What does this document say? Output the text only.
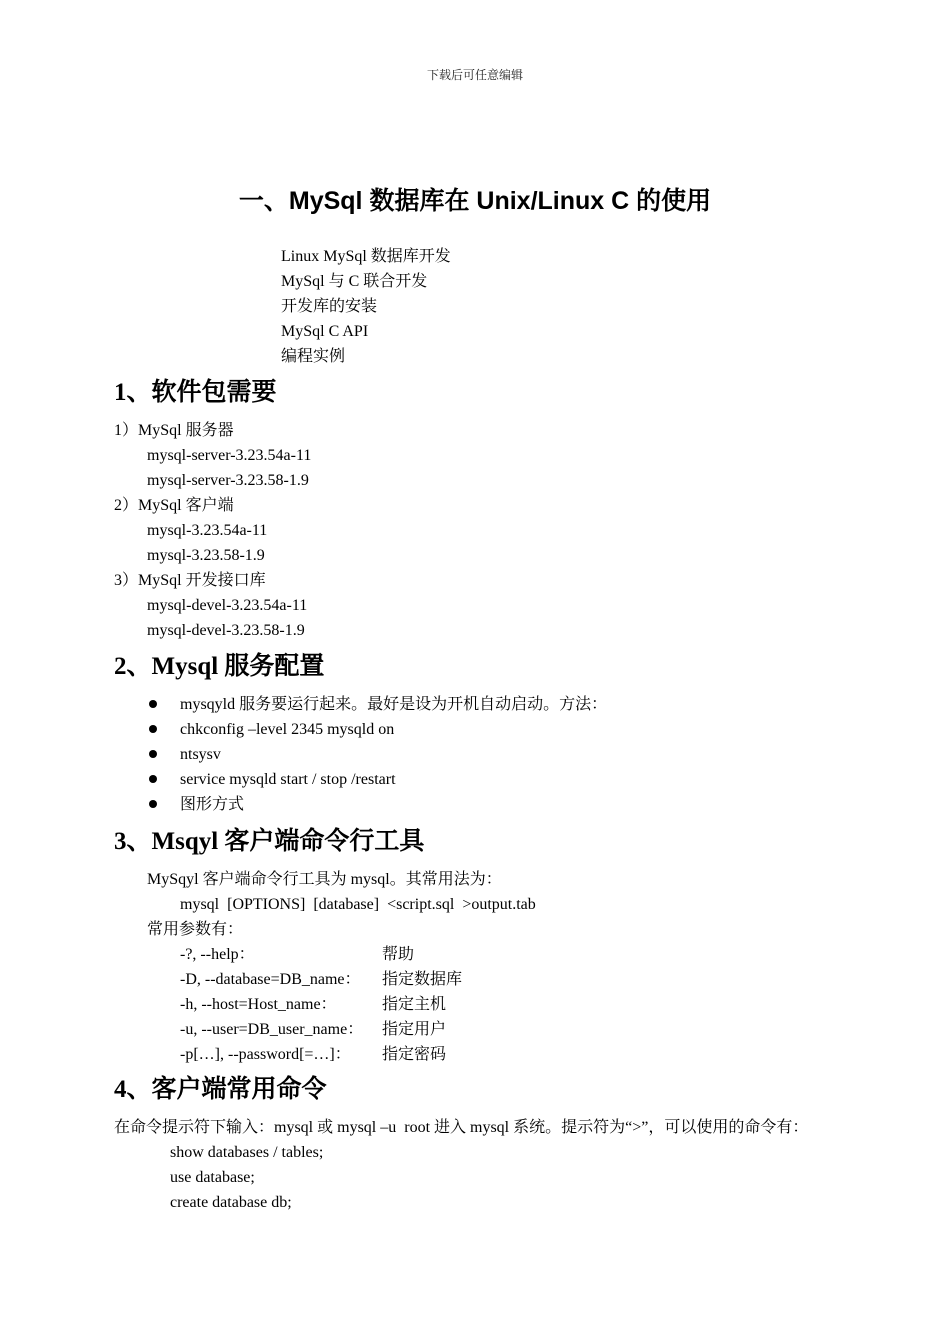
下载后可任意编辑
一、MySql 数据库在 Unix/Linux C 的使用
Linux MySql 数据库开发
MySql 与 C 联合开发
开发库的安装
MySql C API
编程实例
1、软件包需要
1）MySql 服务器
mysql-server-3.23.54a-11
mysql-server-3.23.58-1.9
2）MySql 客户端
mysql-3.23.54a-11
mysql-3.23.58-1.9
3）MySql 开发接口库
mysql-devel-3.23.54a-11
mysql-devel-3.23.58-1.9
2、Mysql 服务配置
mysqyld 服务要运行起来。最好是设为开机自动启动。方法：
chkconfig –level 2345 mysqld on
ntsysv
service mysqld start / stop /restart
图形方式
3、Msqyl 客户端命令行工具
MySqyl 客户端命令行工具为 mysql。其常用法为：
mysql  [OPTIONS]  [database]  <script.sql  >output.tab
常用参数有：
-?, --help：	帮助
-D, --database=DB_name： 指定数据库
-h, --host=Host_name：	指定主机
-u, --user=DB_user_name： 指定用户
-p[…], --password[=…]： 指定密码
4、客户端常用命令
在命令提示符下输入：mysql 或 mysql –u  root 进入 mysql 系统。提示符为“>”，可以使用的命令有：
show databases / tables;
use database;
create database db;
